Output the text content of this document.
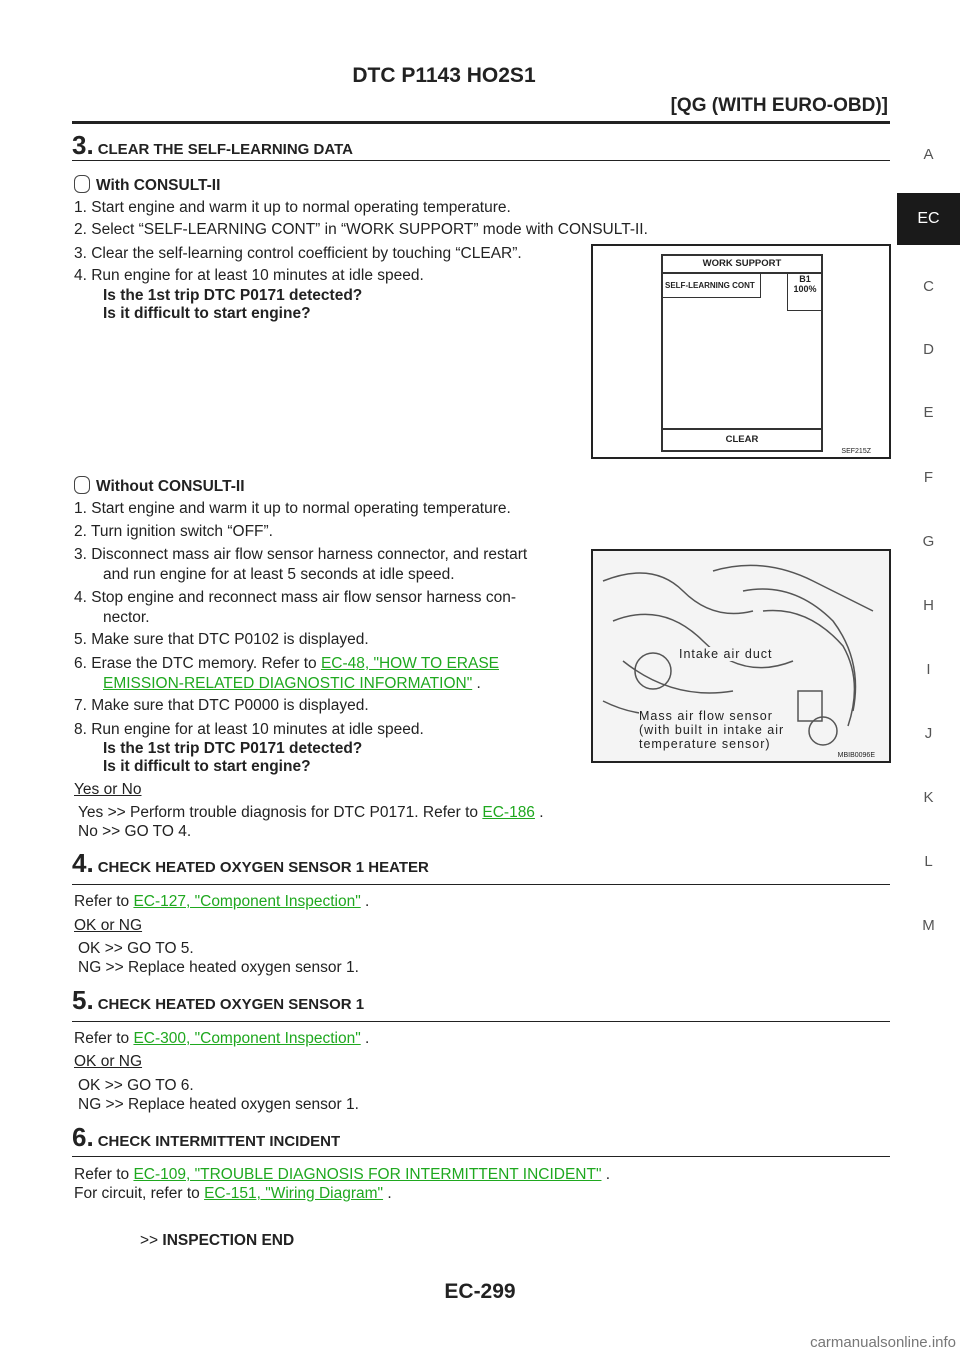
DTC P1143 HO2S1
[QG (WITH EURO-OBD)]
A
EC
C
D
E
F
G
H
I
J
K
L
M
3. CLEAR THE SELF-LEARNING DATA
With CONSULT-II
1. Start engine and warm it up to normal operating temperature.
2. Select “SELF-LEARNING CONT” in “WORK SUPPORT” mode with CONSULT-II.
3. Clear the self-learning control coefficient by touching “CLEAR”.
4. Run engine for at least 10 minutes at idle speed.
Is the 1st trip DTC P0171 detected?
Is it difficult to start engine?
WORK SUPPORT
SELF-LEARNING CONT
B1
100%
CLEAR
SEF215Z
Without CONSULT-II
1. Start engine and warm it up to normal operating temperature.
2. Turn ignition switch “OFF”.
3. Disconnect mass air flow sensor harness connector, and restart
and run engine for at least 5 seconds at idle speed.
4. Stop engine and reconnect mass air flow sensor harness con-
nector.
5. Make sure that DTC P0102 is displayed.
6. Erase the DTC memory. Refer to EC-48, "HOW TO ERASE
EMISSION-RELATED DIAGNOSTIC INFORMATION" .
7. Make sure that DTC P0000 is displayed.
8. Run engine for at least 10 minutes at idle speed.
Is the 1st trip DTC P0171 detected?
Is it difficult to start engine?
Intake air duct
Mass air flow sensor
(with built in intake air
temperature sensor)
MBIB0096E
Yes or No
Yes >> Perform trouble diagnosis for DTC P0171. Refer to EC-186 .
No >> GO TO 4.
4. CHECK HEATED OXYGEN SENSOR 1 HEATER
Refer to EC-127, "Component Inspection" .
OK or NG
OK >> GO TO 5.
NG >> Replace heated oxygen sensor 1.
5. CHECK HEATED OXYGEN SENSOR 1
Refer to EC-300, "Component Inspection" .
OK or NG
OK >> GO TO 6.
NG >> Replace heated oxygen sensor 1.
6. CHECK INTERMITTENT INCIDENT
Refer to EC-109, "TROUBLE DIAGNOSIS FOR INTERMITTENT INCIDENT" .
For circuit, refer to EC-151, "Wiring Diagram" .
>> INSPECTION END
EC-299
carmanualsonline.info
